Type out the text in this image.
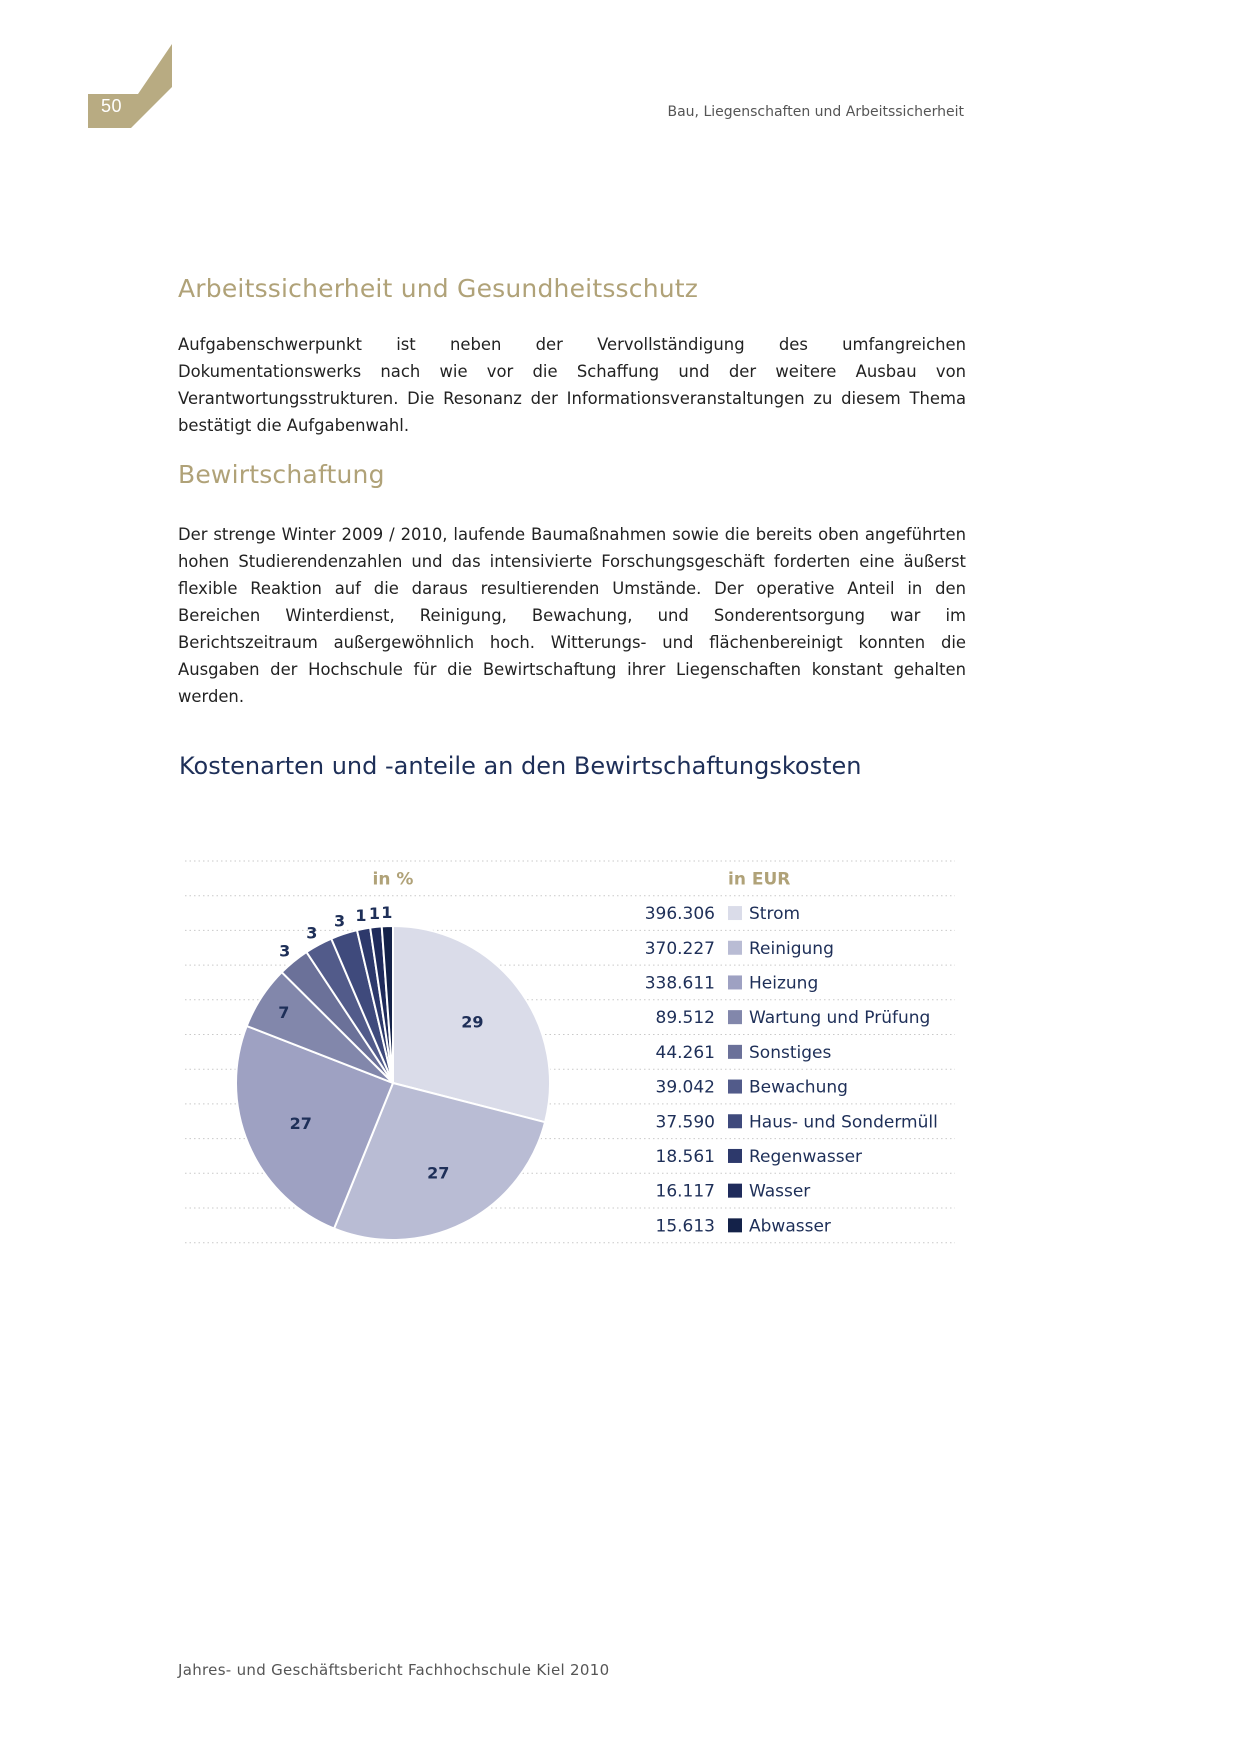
50	Bau, Liegenschaften und Arbeitssicherheit
Arbeitssicherheit und Gesundheitsschutz

Aufgabenschwerpunkt ist neben der Vervollständigung des umfangreichen Dokumentationswerks nach wie vor die Schaffung und der weitere Ausbau von Verantwortungsstrukturen. Die Resonanz der Informationsveranstaltungen zu diesem Thema bestätigt die Aufgabenwahl.

Bewirtschaftung

Der strenge Winter 2009 / 2010, laufende Baumaßnahmen sowie die bereits oben angeführten hohen Studierendenzahlen und das intensivierte Forschungsgeschäft forderten eine äußerst flexible Reaktion auf die daraus resultierenden Umstände. Der operative Anteil in den Bereichen Winterdienst, Reinigung, Bewachung, und Sonderentsorgung war im Berichtszeitraum außergewöhnlich hoch. Witterungs- und flächenbereinigt konnten die Ausgaben der Hochschule für die Bewirtschaftung ihrer Liegenschaften konstant gehalten werden.

Kostenarten und -anteile an den Bewirtschaftungskosten
in %	in EUR
29
27
27
7
3
3
3 1 1 1	396.306 Strom
370.227 Reinigung
338.611 Heizung
89.512 Wartung und Prüfung
44.261 Sonstiges
39.042 Bewachung
37.590 Haus- und Sondermüll
18.561 Regenwasser
16.117 Wasser
15.613 Abwasser
Jahres- und Geschäftsbericht Fachhochschule Kiel 2010
